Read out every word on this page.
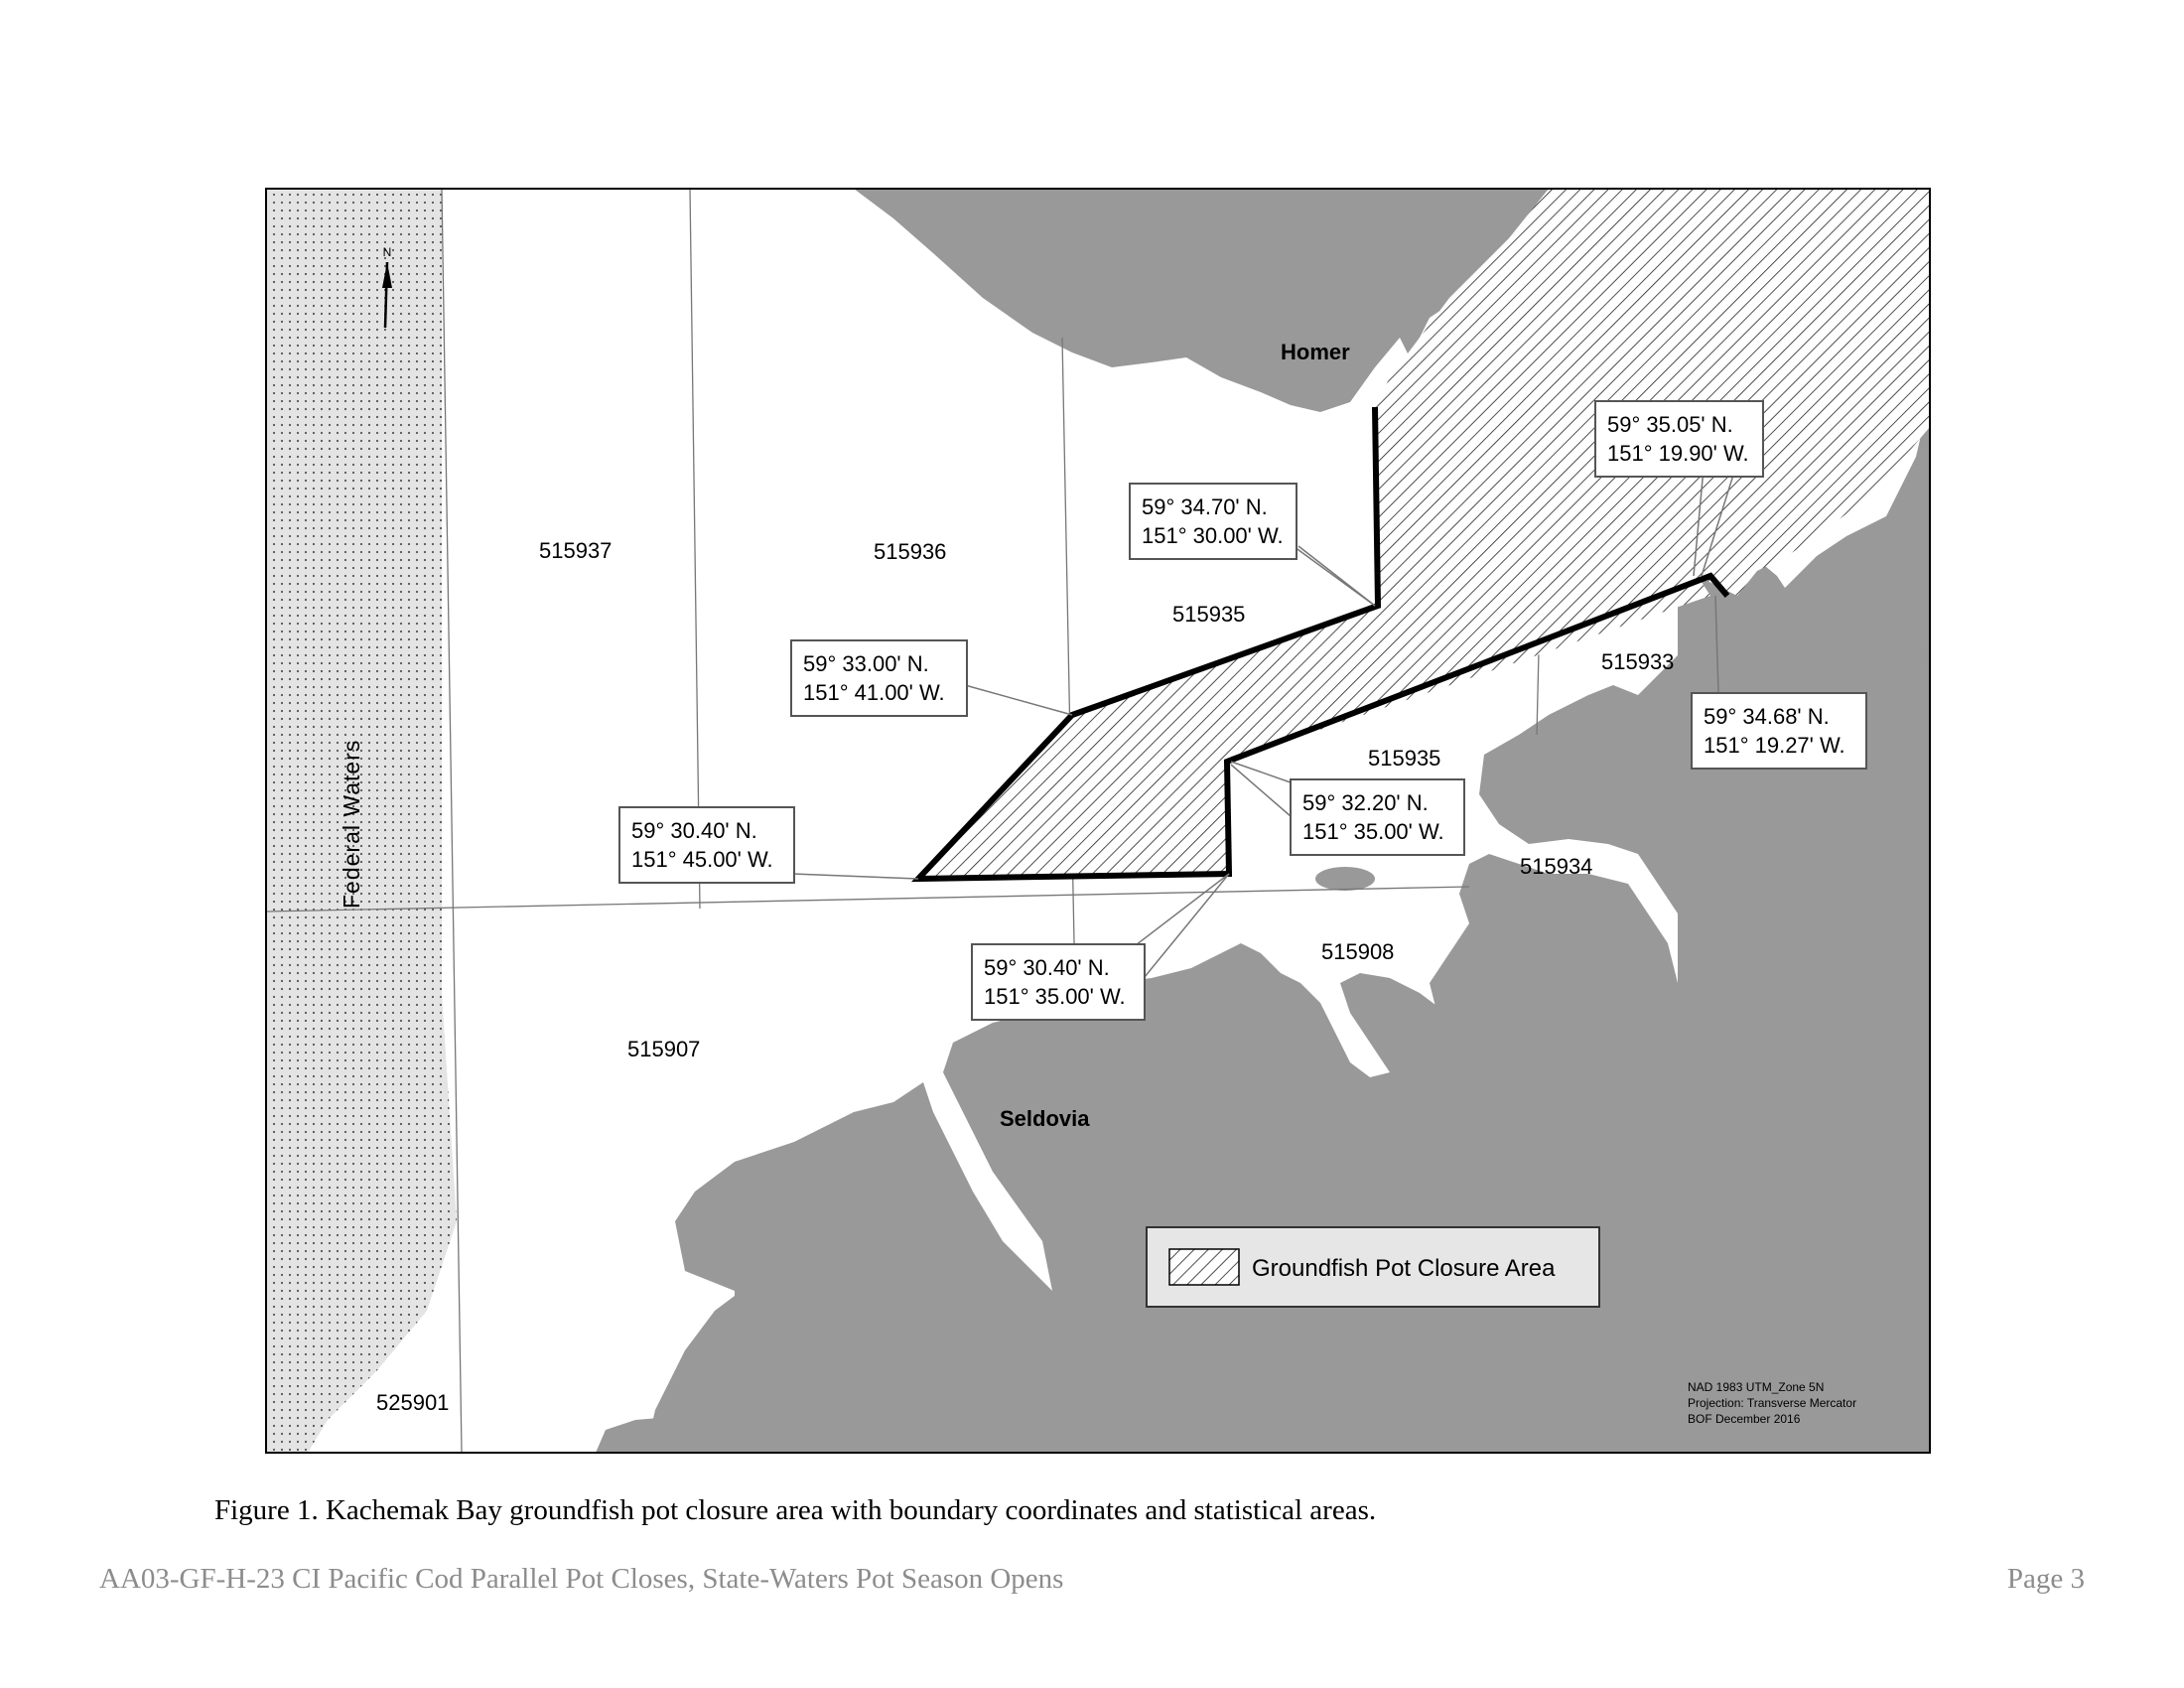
N
Federal Waters
Homer
Seldovia
515937	515936
515935
515935
515933
515934
515908
515907
525901
59° 34.70' N.
151° 30.00' W.
59° 35.05' N.
151° 19.90' W.
59° 33.00' N.
151° 41.00' W.
59° 34.68' N.
151° 19.27' W.
59° 32.20' N.
151° 35.00' W.
59° 30.40' N.
151° 45.00' W.
59° 30.40' N.
151° 35.00' W.
Groundfish Pot Closure Area
NAD 1983 UTM_Zone 5N
Projection: Transverse Mercator
BOF December 2016
Figure 1. Kachemak Bay groundfish pot closure area with boundary coordinates and statistical areas.
AA03-GF-H-23 CI Pacific Cod Parallel Pot Closes, State-Waters Pot Season Opens	Page 3
